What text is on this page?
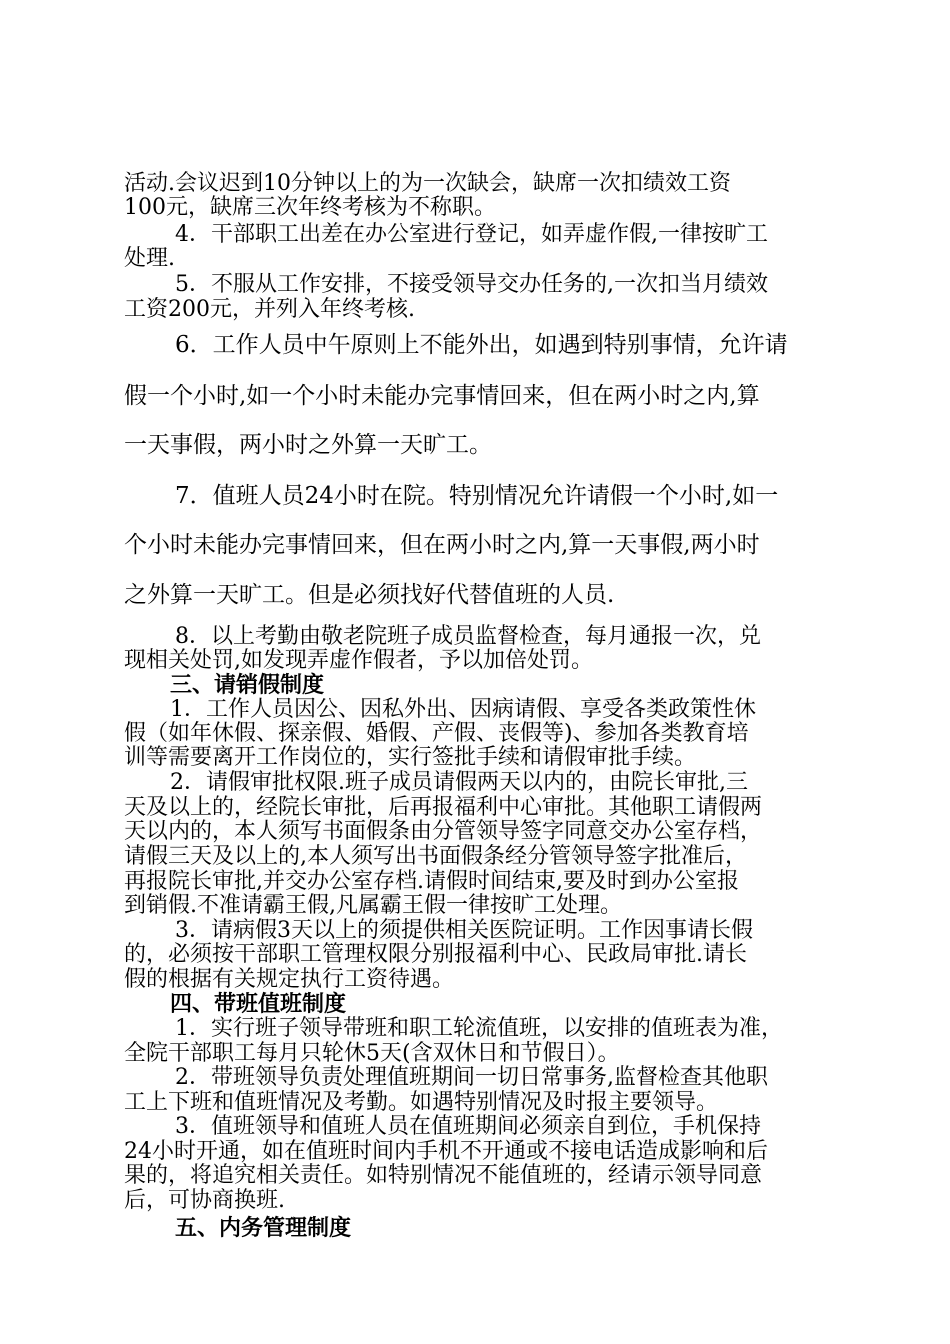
活动.会议迟到10分钟以上的为一次缺会，缺席一次扣绩效工资
100元，缺席三次年终考核为不称职。
4．干部职工出差在办公室进行登记，如弄虚作假,一律按旷工
处理.
5．不服从工作安排，不接受领导交办任务的,一次扣当月绩效
工资200元，并列入年终考核.
6．工作人员中午原则上不能外出，如遇到特别事情，允许请
假一个小时,如一个小时未能办完事情回来，但在两小时之内,算
一天事假，两小时之外算一天旷工。
7．值班人员24小时在院。特别情况允许请假一个小时,如一
个小时未能办完事情回来，但在两小时之内,算一天事假,两小时
之外算一天旷工。但是必须找好代替值班的人员.
8．以上考勤由敬老院班子成员监督检查，每月通报一次，兑
现相关处罚,如发现弄虚作假者，予以加倍处罚。
三、请销假制度
1．工作人员因公、因私外出、因病请假、享受各类政策性休
假（如年休假、探亲假、婚假、产假、丧假等)、参加各类教育培
训等需要离开工作岗位的，实行签批手续和请假审批手续。
2．请假审批权限.班子成员请假两天以内的，由院长审批,三
天及以上的，经院长审批，后再报福利中心审批。其他职工请假两
天以内的，本人须写书面假条由分管领导签字同意交办公室存档，
请假三天及以上的,本人须写出书面假条经分管领导签字批准后，
再报院长审批,并交办公室存档.请假时间结束,要及时到办公室报
到销假.不准请霸王假,凡属霸王假一律按旷工处理。
3．请病假3天以上的须提供相关医院证明。工作因事请长假
的，必须按干部职工管理权限分别报福利中心、民政局审批.请长
假的根据有关规定执行工资待遇。
四、带班值班制度
1．实行班子领导带班和职工轮流值班，以安排的值班表为准，
全院干部职工每月只轮休5天(含双休日和节假日）。
2．带班领导负责处理值班期间一切日常事务,监督检查其他职
工上下班和值班情况及考勤。如遇特别情况及时报主要领导。
3．值班领导和值班人员在值班期间必须亲自到位，手机保持
24小时开通，如在值班时间内手机不开通或不接电话造成影响和后
果的，将追究相关责任。如特别情况不能值班的，经请示领导同意
后，可协商换班.
五、内务管理制度
